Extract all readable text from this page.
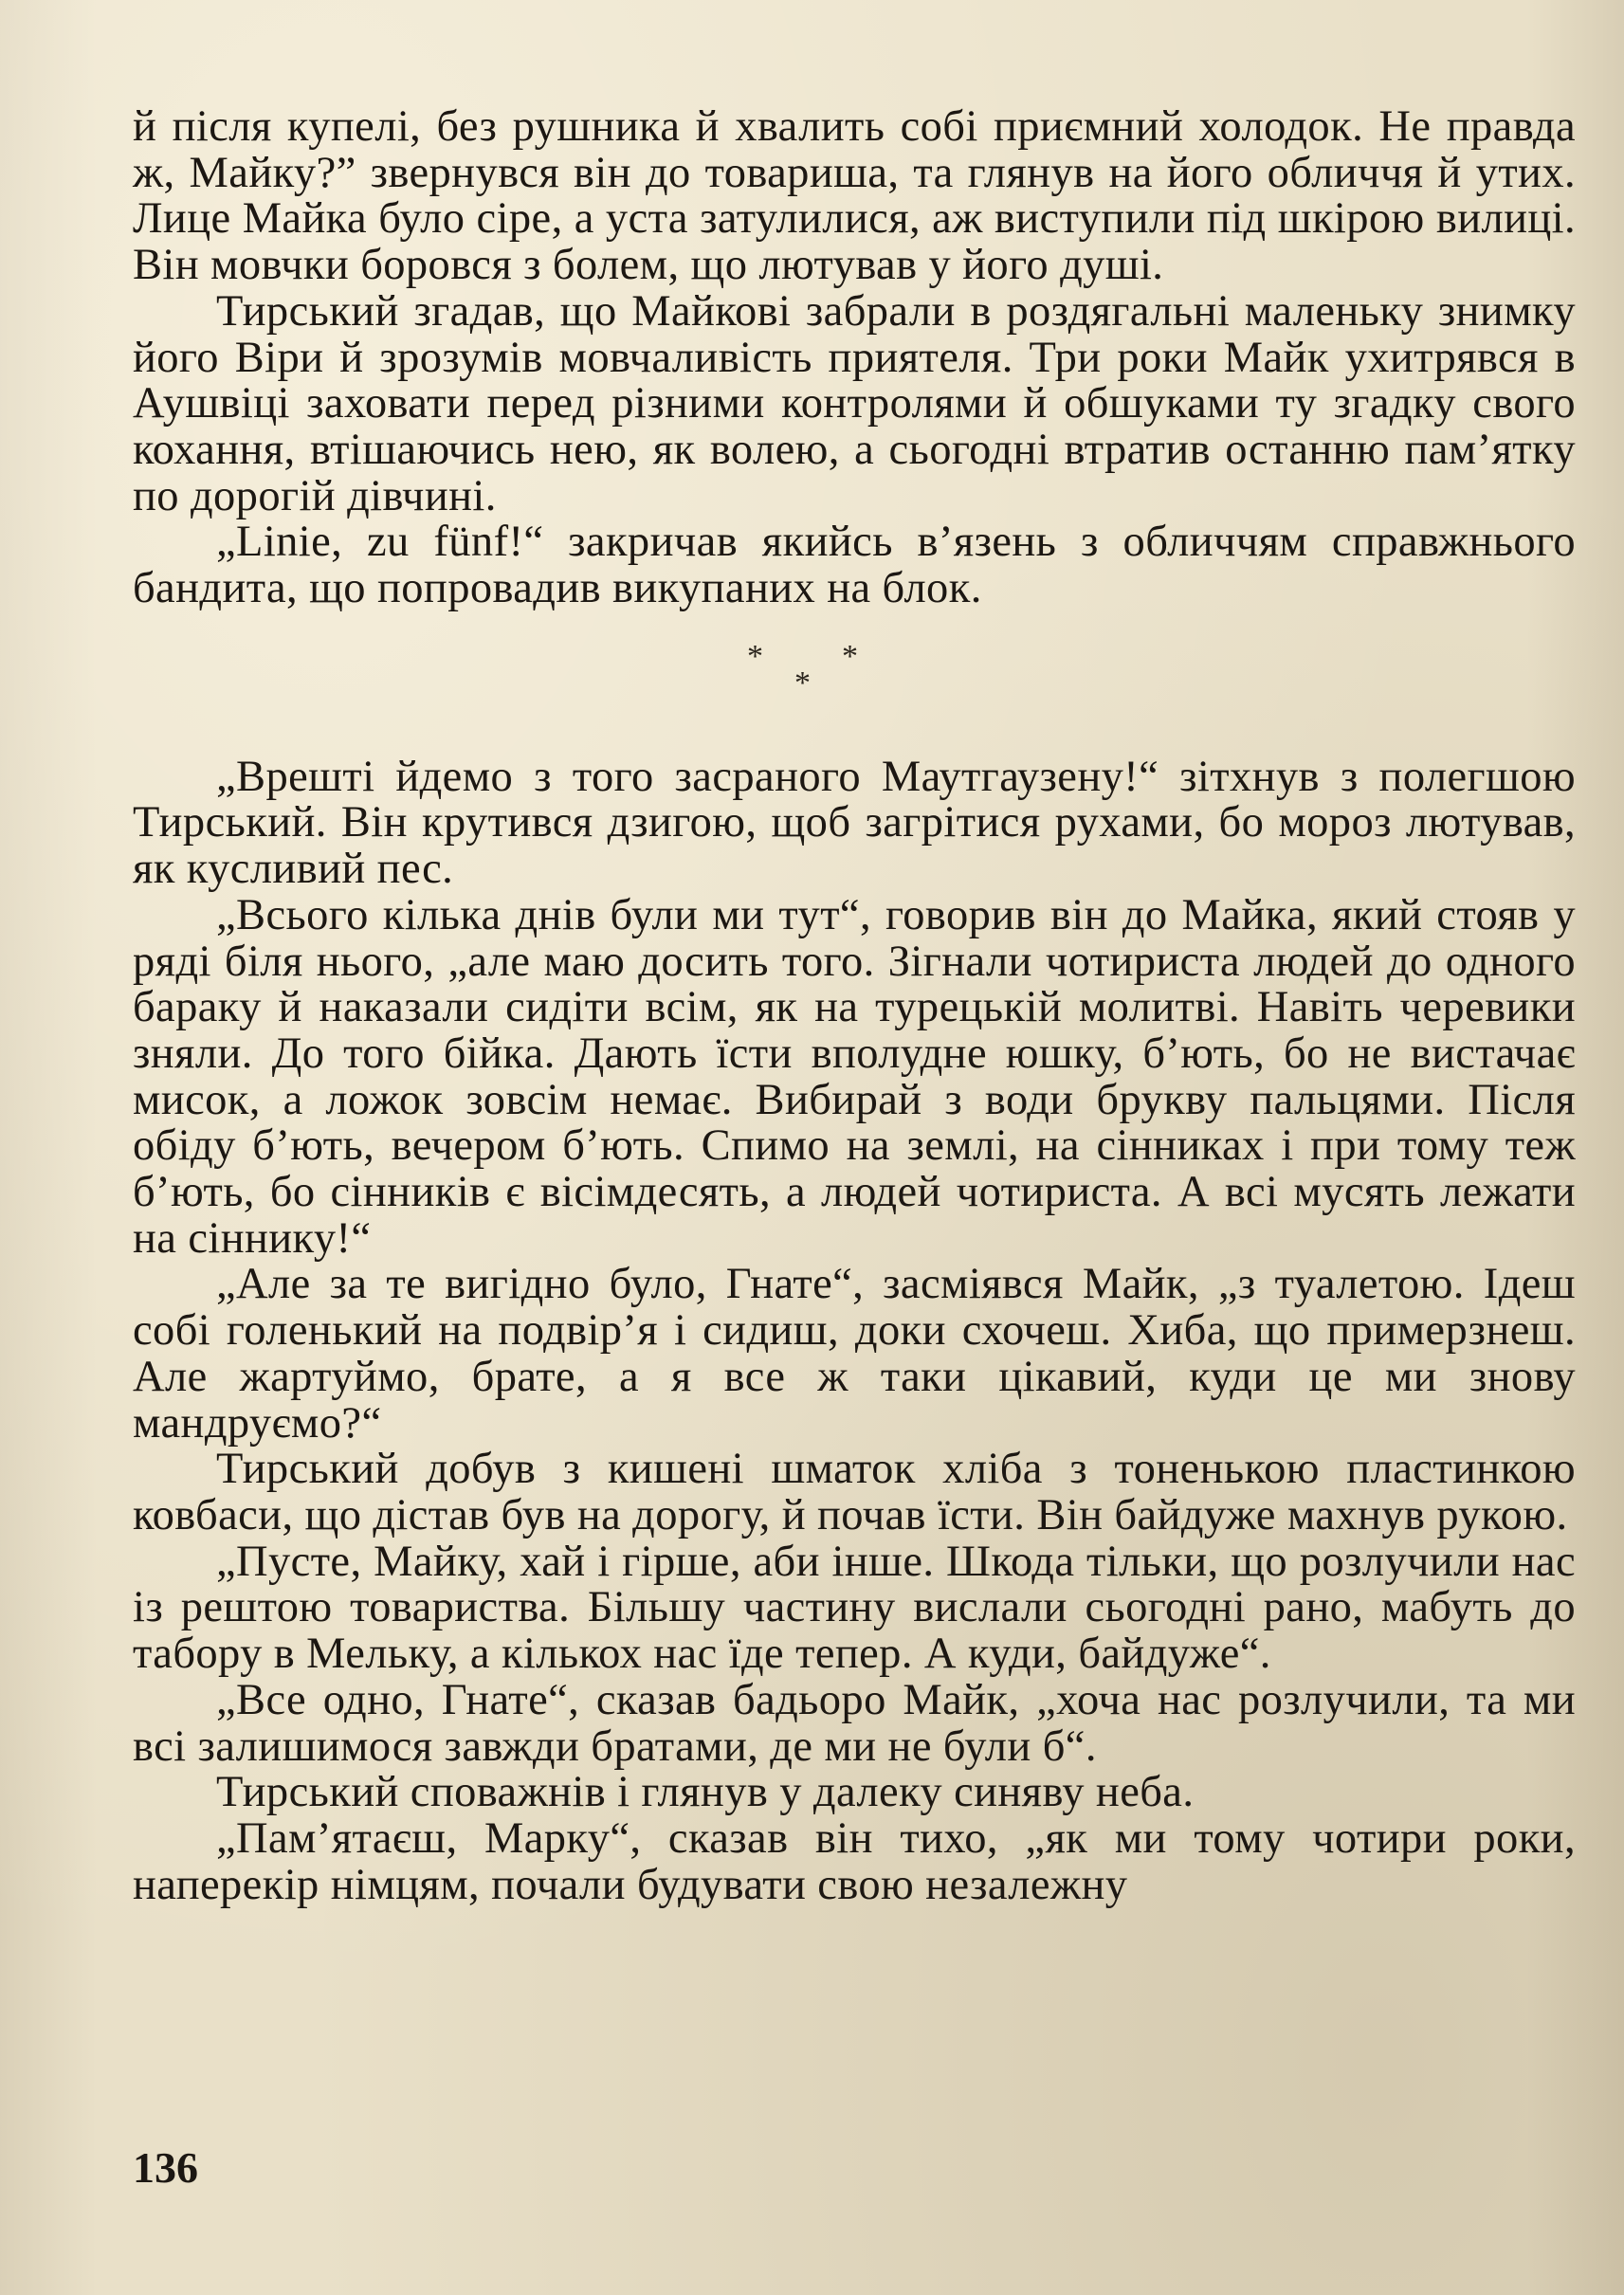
й після купелі, без рушника й хвалить собі приємний холодок. Не правда ж, Майку?” звернувся він до товариша, та глянув на його обличчя й утих. Лице Майка було сіре, а уста затулилися, аж виступили під шкірою вилиці. Він мовчки боровся з болем, що лютував у його душі.

Тирський згадав, що Майкові забрали в роздягальні маленьку знимку його Віри й зрозумів мовчаливість приятеля. Три роки Майк ухитрявся в Аушвіці заховати перед різними контролями й обшуками ту згадку свого кохання, втішаючись нею, як волею, а сьогодні втратив останню пам’ятку по дорогій дівчині.

„Linie, zu fünf!“ закричав якийсь в’язень з обличчям справжнього бандита, що попровадив викупаних на блок.

* *
*

„Врешті йдемо з того засраного Маутгаузену!“ зітхнув з полегшою Тирський. Він крутився дзигою, щоб загрітися рухами, бо мороз лютував, як кусливий пес.

„Всього кілька днів були ми тут“, говорив він до Майка, який стояв у ряді біля нього, „але маю досить того. Зігнали чотириста людей до одного бараку й наказали сидіти всім, як на турецькій молитві. Навіть черевики зняли. До того бійка. Дають їсти вполудне юшку, б’ють, бо не вистачає мисок, а ложок зовсім немає. Вибирай з води брукву пальцями. Після обіду б’ють, вечером б’ють. Спимо на землі, на сінниках і при тому теж б’ють, бо сінників є вісімдесять, а людей чотириста. А всі мусять лежати на сіннику!“

„Але за те вигідно було, Гнате“, засміявся Майк, „з туалетою. Ідеш собі голенький на подвір’я і сидиш, доки схочеш. Хиба, що примерзнеш. Але жартуймо, брате, а я все ж таки цікавий, куди це ми знову мандруємо?“

Тирський добув з кишені шматок хліба з тоненькою пластинкою ковбаси, що дістав був на дорогу, й почав їсти. Він байдуже махнув рукою.

„Пусте, Майку, хай і гірше, аби інше. Шкода тільки, що розлучили нас із рештою товариства. Більшу частину вислали сьогодні рано, мабуть до табору в Мельку, а кількох нас їде тепер. А куди, байдуже“.

„Все одно, Гнате“, сказав бадьоро Майк, „хоча нас розлучили, та ми всі залишимося завжди братами, де ми не були б“.

Тирський споважнів і глянув у далеку синяву неба.

„Пам’ятаєш, Марку“, сказав він тихо, „як ми тому чотири роки, наперекір німцям, почали будувати свою незалежну

136
